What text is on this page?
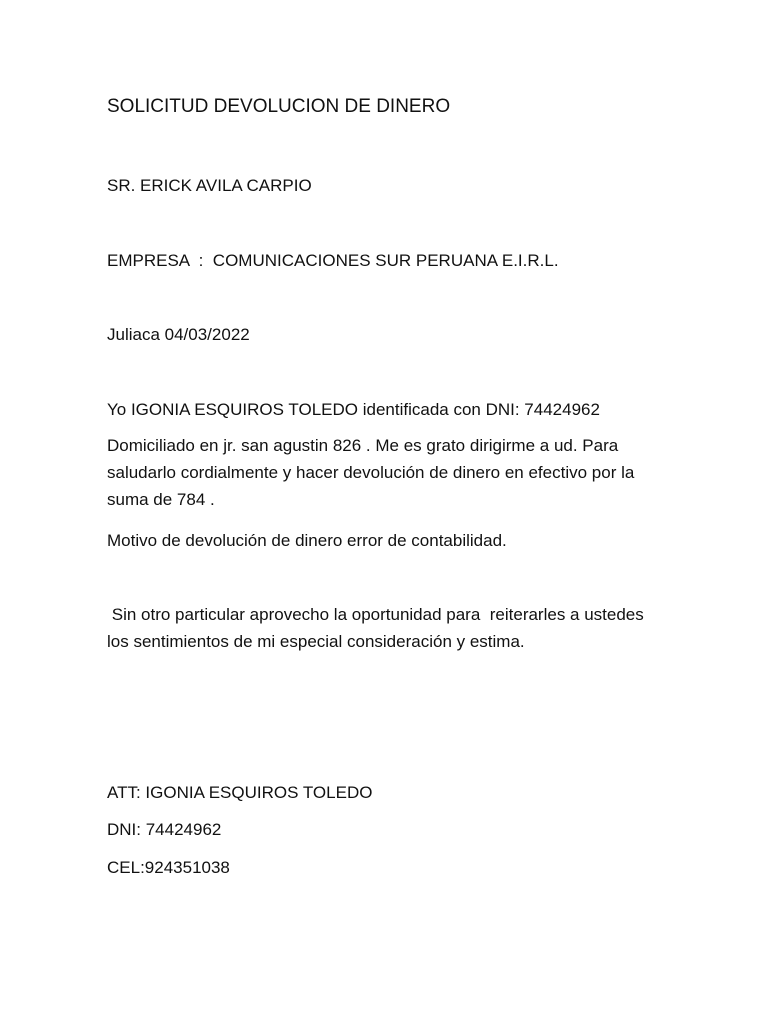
SOLICITUD DEVOLUCION DE DINERO
SR. ERICK AVILA CARPIO
EMPRESA  :  COMUNICACIONES SUR PERUANA E.I.R.L.
Juliaca 04/03/2022
Yo IGONIA ESQUIROS TOLEDO identificada con DNI: 74424962
Domiciliado en jr. san agustin 826 . Me es grato dirigirme a ud. Para saludarlo cordialmente y hacer devolución de dinero en efectivo por la suma de 784 .
Motivo de devolución de dinero error de contabilidad.
Sin otro particular aprovecho la oportunidad para  reiterarles a ustedes los sentimientos de mi especial consideración y estima.
ATT: IGONIA ESQUIROS TOLEDO
DNI: 74424962
CEL:924351038
